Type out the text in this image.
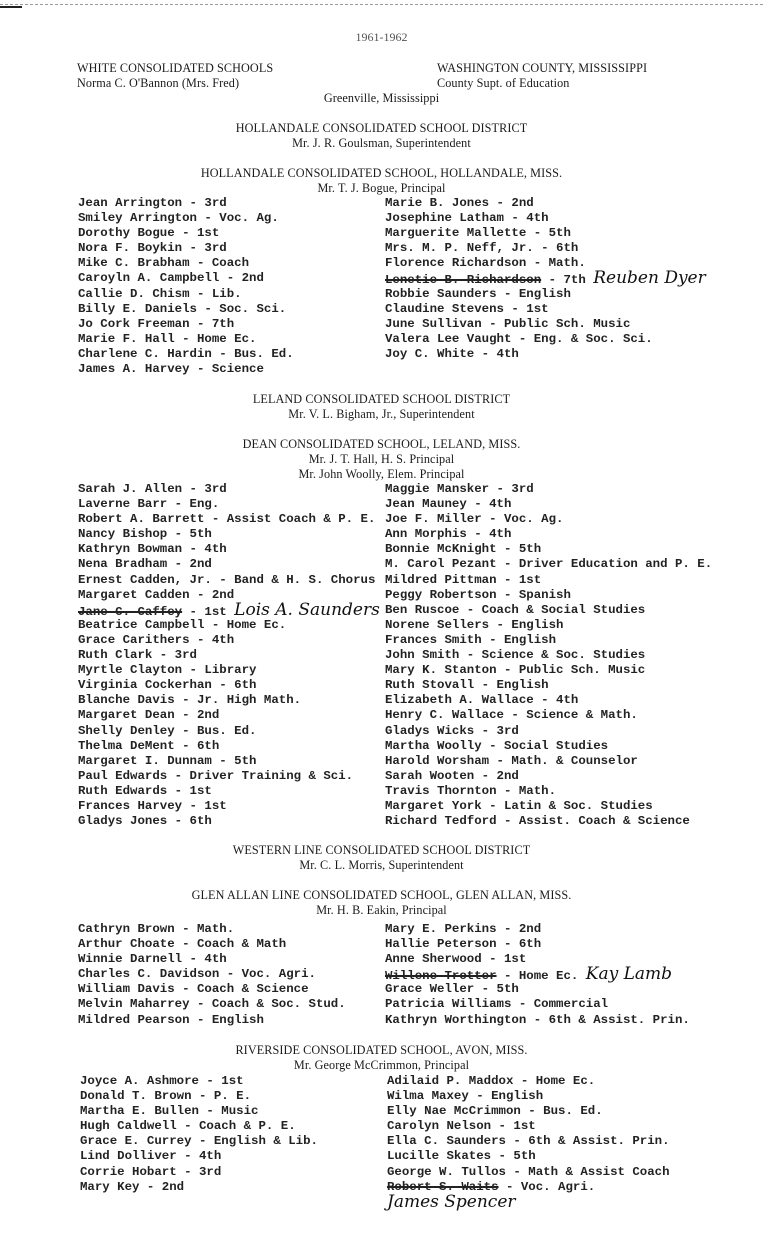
1961-1962
WHITE CONSOLIDATED SCHOOLS
Norma C. O'Bannon (Mrs. Fred)
WASHINGTON COUNTY, MISSISSIPPI
County Supt. of Education
Greenville, Mississippi
HOLLANDALE CONSOLIDATED SCHOOL DISTRICT
Mr. J. R. Goulsman, Superintendent
HOLLANDALE CONSOLIDATED SCHOOL, HOLLANDALE, MISS.
Mr. T. J. Bogue, Principal
Jean Arrington - 3rd
Smiley Arrington - Voc. Ag.
Dorothy Bogue - 1st
Nora F. Boykin - 3rd
Mike C. Brabham - Coach
Caroyln A. Campbell - 2nd
Callie D. Chism - Lib.
Billy E. Daniels - Soc. Sci.
Jo Cork Freeman - 7th
Marie F. Hall - Home Ec.
Charlene C. Hardin - Bus. Ed.
James A. Harvey - Science
Marie B. Jones - 2nd
Josephine Latham - 4th
Marguerite Mallette - 5th
Mrs. M. P. Neff, Jr. - 6th
Florence Richardson - Math.
Lenetie B. Richardson - 7th Reuben Dyer
Robbie Saunders - English
Claudine Stevens - 1st
June Sullivan - Public Sch. Music
Valera Lee Vaught - Eng. & Soc. Sci.
Joy C. White - 4th
LELAND CONSOLIDATED SCHOOL DISTRICT
Mr. V. L. Bigham, Jr., Superintendent
DEAN CONSOLIDATED SCHOOL, LELAND, MISS.
Mr. J. T. Hall, H. S. Principal
Mr. John Woolly, Elem. Principal
Sarah J. Allen - 3rd
Laverne Barr - Eng.
Robert A. Barrett - Assist Coach & P. E.
Nancy Bishop - 5th
Kathryn Bowman - 4th
Nena Bradham - 2nd
Ernest Cadden, Jr. - Band & H. S. Chorus
Margaret Cadden - 2nd
Jane C. Caffey - 1st Lois A. Saunders
Beatrice Campbell - Home Ec.
Grace Carithers - 4th
Ruth Clark - 3rd
Myrtle Clayton - Library
Virginia Cockerhan - 6th
Blanche Davis - Jr. High Math.
Margaret Dean - 2nd
Shelly Denley - Bus. Ed.
Thelma DeMent - 6th
Margaret I. Dunnam - 5th
Paul Edwards - Driver Training & Sci.
Ruth Edwards - 1st
Frances Harvey - 1st
Gladys Jones - 6th
Maggie Mansker - 3rd
Jean Mauney - 4th
Joe F. Miller - Voc. Ag.
Ann Morphis - 4th
Bonnie McKnight - 5th
M. Carol Pezant - Driver Education and P. E.
Mildred Pittman - 1st
Peggy Robertson - Spanish
Ben Ruscoe - Coach & Social Studies
Norene Sellers - English
Frances Smith - English
John Smith - Science & Soc. Studies
Mary K. Stanton - Public Sch. Music
Ruth Stovall - English
Elizabeth A. Wallace - 4th
Henry C. Wallace - Science & Math.
Gladys Wicks - 3rd
Martha Woolly - Social Studies
Harold Worsham - Math. & Counselor
Sarah Wooten - 2nd
Travis Thornton - Math.
Margaret York - Latin & Soc. Studies
Richard Tedford - Assist. Coach & Science
WESTERN LINE CONSOLIDATED SCHOOL DISTRICT
Mr. C. L. Morris, Superintendent
GLEN ALLAN LINE CONSOLIDATED SCHOOL, GLEN ALLAN, MISS.
Mr. H. B. Eakin, Principal
Cathryn Brown - Math.
Arthur Choate - Coach & Math
Winnie Darnell - 4th
Charles C. Davidson - Voc. Agri.
William Davis - Coach & Science
Melvin Maharrey - Coach & Soc. Stud.
Mildred Pearson - English
Mary E. Perkins - 2nd
Hallie Peterson - 6th
Anne Sherwood - 1st
Willene Trotter - Home Ec. Kay Lamb
Grace Weller - 5th
Patricia Williams - Commercial
Kathryn Worthington - 6th & Assist. Prin.
RIVERSIDE CONSOLIDATED SCHOOL, AVON, MISS.
Mr. George McCrimmon, Principal
Joyce A. Ashmore - 1st
Donald T. Brown - P. E.
Martha E. Bullen - Music
Hugh Caldwell - Coach & P. E.
Grace E. Currey - English & Lib.
Lind Dolliver - 4th
Corrie Hobart - 3rd
Mary Key - 2nd
Adilaid P. Maddox - Home Ec.
Wilma Maxey - English
Elly Nae McCrimmon - Bus. Ed.
Carolyn Nelson - 1st
Ella C. Saunders - 6th & Assist. Prin.
Lucille Skates - 5th
George W. Tullos - Math & Assist Coach
Robert S. Waits - Voc. Agri.
James Spencer
